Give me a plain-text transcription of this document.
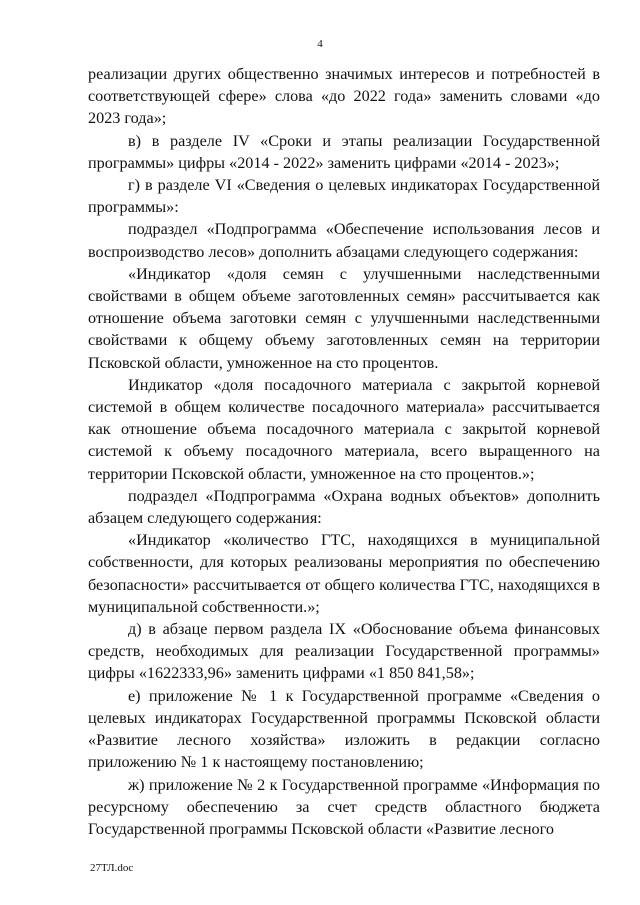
4

реализации других общественно значимых интересов и потребностей в соответствующей сфере» слова «до 2022 года» заменить словами «до 2023 года»;

в) в разделе IV «Сроки и этапы реализации Государственной программы» цифры «2014 - 2022» заменить цифрами «2014 - 2023»;

г) в разделе VI «Сведения о целевых индикаторах Государственной программы»:

подраздел «Подпрограмма «Обеспечение использования лесов и воспроизводство лесов» дополнить абзацами следующего содержания:

«Индикатор «доля семян с улучшенными наследственными свойствами в общем объеме заготовленных семян» рассчитывается как отношение объема заготовки семян с улучшенными наследственными свойствами к общему объему заготовленных семян на территории Псковской области, умноженное на сто процентов.

Индикатор «доля посадочного материала с закрытой корневой системой в общем количестве посадочного материала» рассчитывается как отношение объема посадочного материала с закрытой корневой системой к объему посадочного материала, всего выращенного на территории Псковской области, умноженное на сто процентов.»;

подраздел «Подпрограмма «Охрана водных объектов» дополнить абзацем следующего содержания:

«Индикатор «количество ГТС, находящихся в муниципальной собственности, для которых реализованы мероприятия по обеспечению безопасности» рассчитывается от общего количества ГТС, находящихся в муниципальной собственности.»;

д) в абзаце первом раздела IX «Обоснование объема финансовых средств, необходимых для реализации Государственной программы» цифры «1622333,96» заменить цифрами «1 850 841,58»;

е) приложение № 1 к Государственной программе «Сведения о целевых индикаторах Государственной программы Псковской области «Развитие лесного хозяйства» изложить в редакции согласно приложению № 1 к настоящему постановлению;

ж) приложение № 2 к Государственной программе «Информация по ресурсному обеспечению за счет средств областного бюджета Государственной программы Псковской области «Развитие лесного

27ТЛ.doc
